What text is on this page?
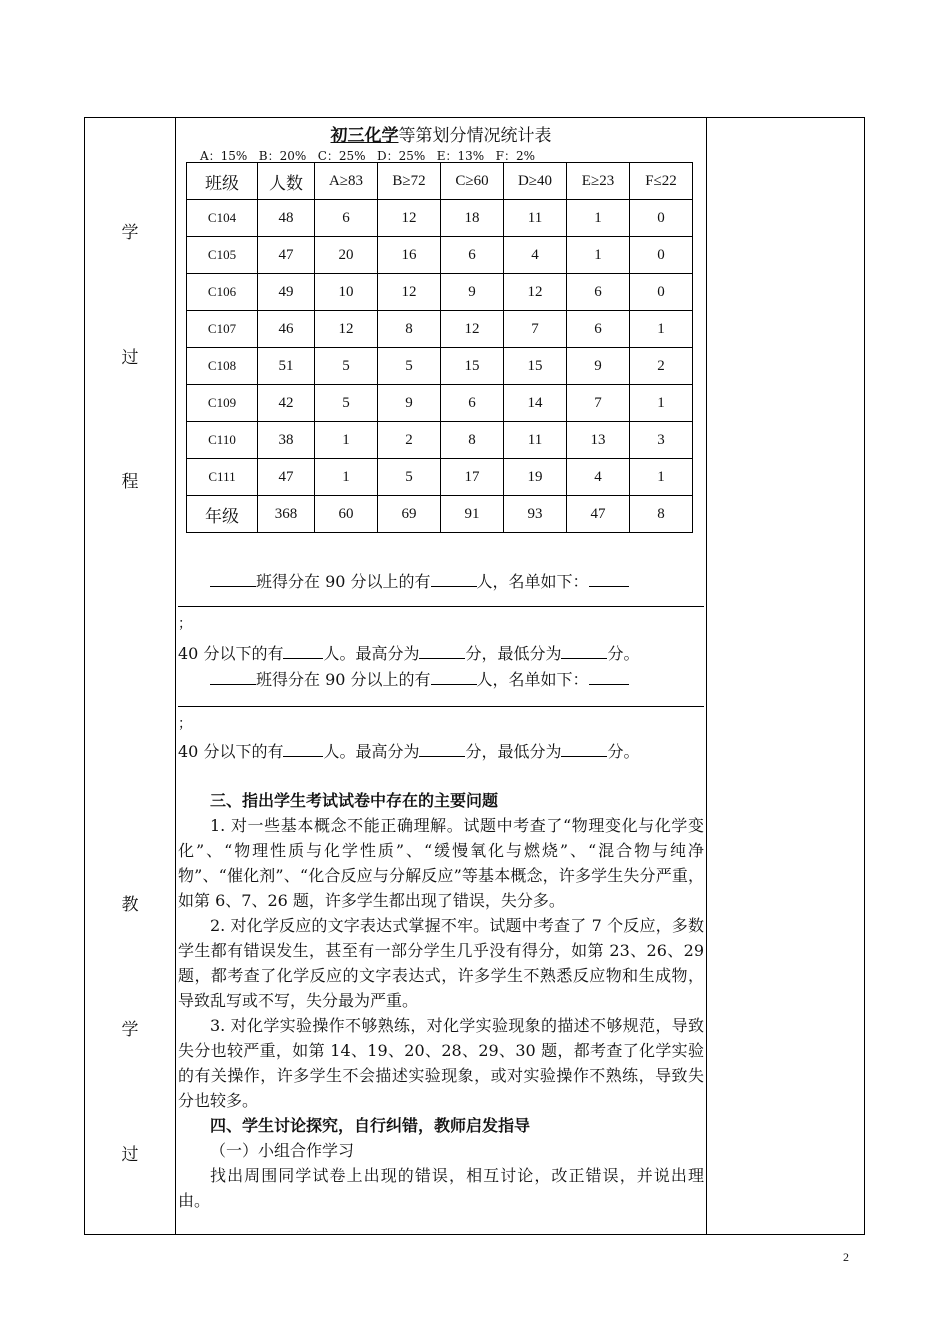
学
过
程
教
学
过
初三化学等第划分情况统计表
A：15%   B：20%   C：25%   D：25%   E：13%   F：2%
班级	人数	A≥83	B≥72	C≥60	D≥40	E≥23	F≤22
C104	48	6	12	18	11	1	0
C105	47	20	16	6	4	1	0
C106	49	10	12	9	12	6	0
C107	46	12	8	12	7	6	1
C108	51	5	5	15	15	9	2
C109	42	5	9	6	14	7	1
C110	38	1	2	8	11	13	3
C111	47	1	5	17	19	4	1
年级	368	60	69	91	93	47	8
班得分在 90 分以上的有	人，名单如下：
；
40 分以下的有	人。最高分为	分，最低分为	分。
班得分在 90 分以上的有	人，名单如下：
；
40 分以下的有	人。最高分为	分，最低分为	分。

三、指出学生考试试卷中存在的主要问题

1. 对一些基本概念不能正确理解。试题中考查了“物理变化与化学变化”、“物理性质与化学性质”、“缓慢氧化与燃烧”、“混合物与纯净物”、“催化剂”、“化合反应与分解反应”等基本概念，许多学生失分严重，如第 6、7、26 题，许多学生都出现了错误，失分多。

2. 对化学反应的文字表达式掌握不牢。试题中考查了 7 个反应，多数学生都有错误发生，甚至有一部分学生几乎没有得分，如第 23、26、29 题，都考查了化学反应的文字表达式，许多学生不熟悉反应物和生成物，导致乱写或不写，失分最为严重。

3. 对化学实验操作不够熟练，对化学实验现象的描述不够规范，导致失分也较严重，如第 14、19、20、28、29、30 题，都考查了化学实验的有关操作，许多学生不会描述实验现象，或对实验操作不熟练，导致失分也较多。

四、学生讨论探究，自行纠错，教师启发指导

（一）小组合作学习

找出周围同学试卷上出现的错误，相互讨论，改正错误，并说出理由。

2
